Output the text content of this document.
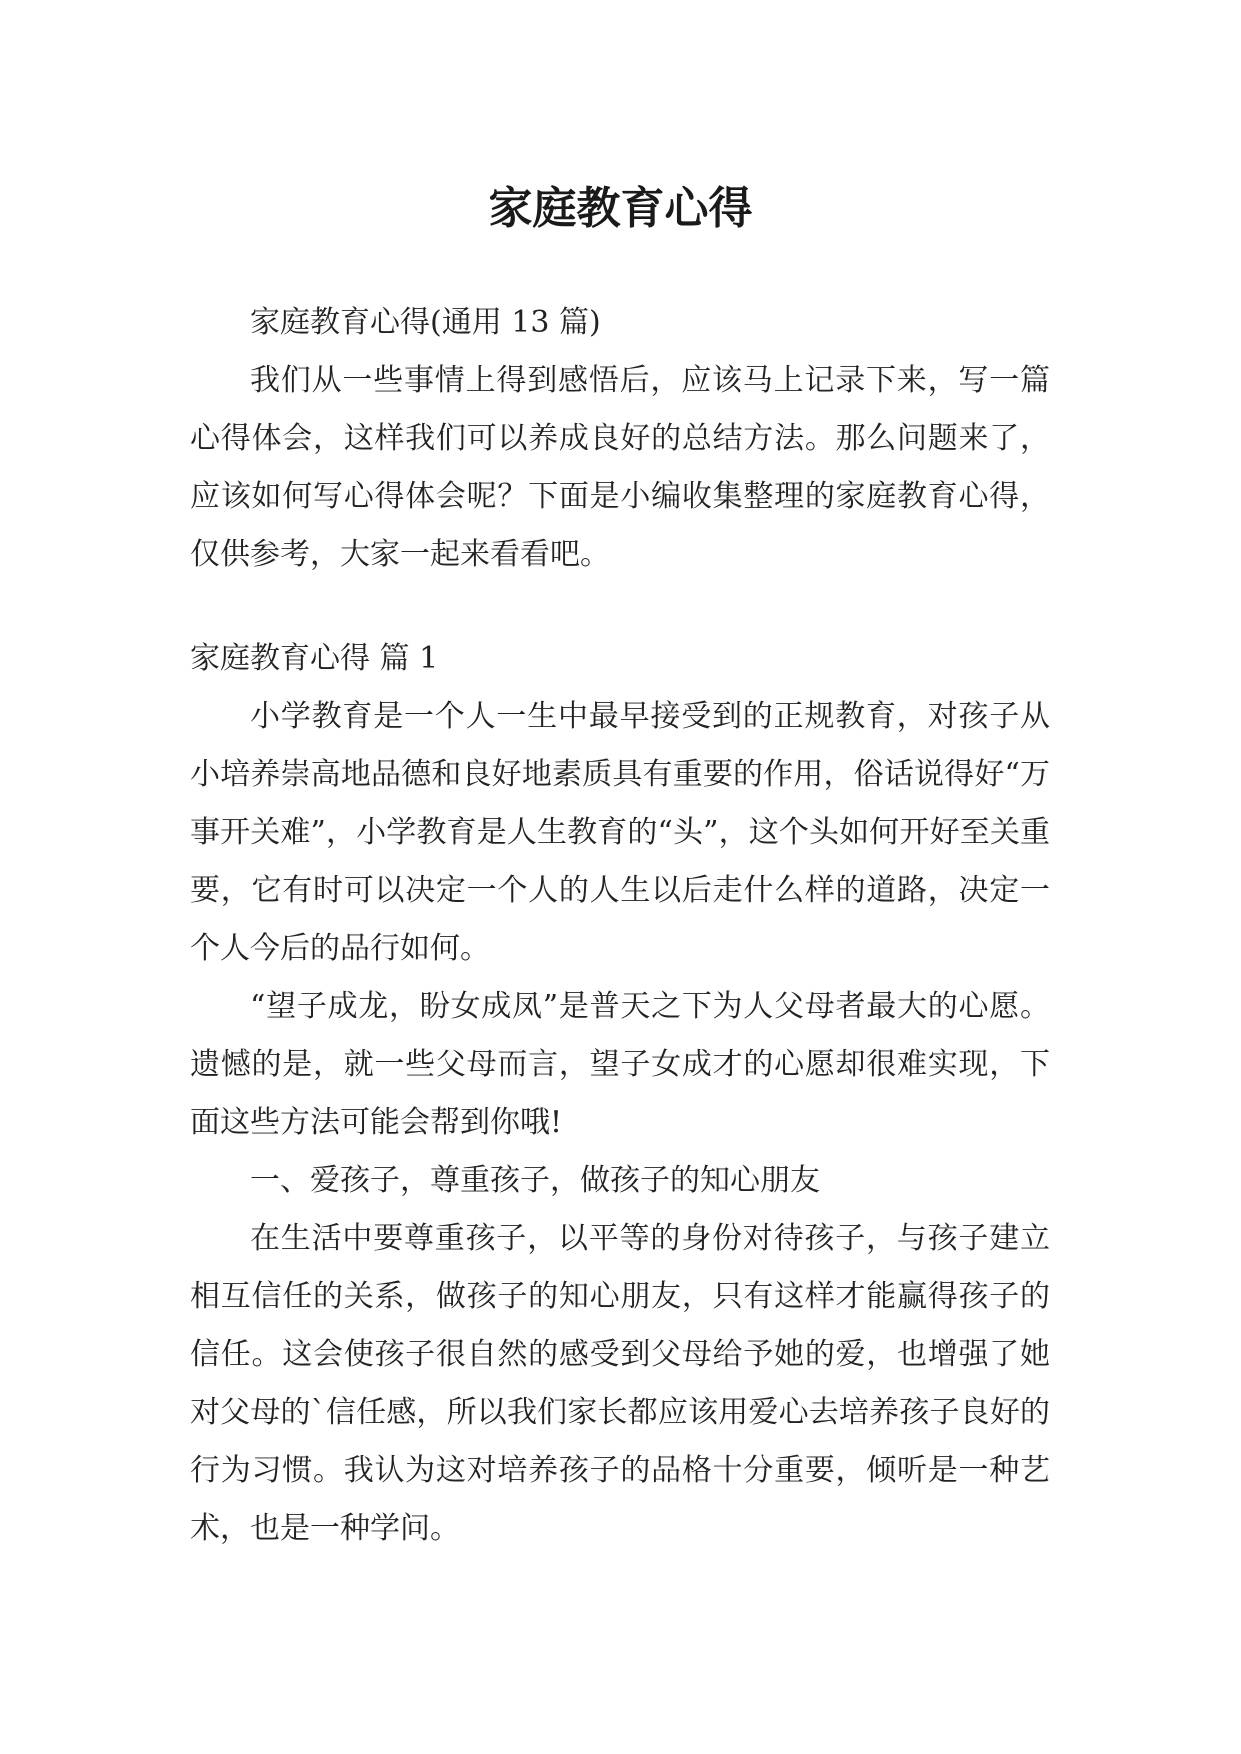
家庭教育心得

家庭教育心得(通用 13 篇)

我们从一些事情上得到感悟后，应该马上记录下来，写一篇心得体会，这样我们可以养成良好的总结方法。那么问题来了，应该如何写心得体会呢？下面是小编收集整理的家庭教育心得，仅供参考，大家一起来看看吧。

家庭教育心得 篇 1

小学教育是一个人一生中最早接受到的正规教育，对孩子从小培养崇高地品德和良好地素质具有重要的作用，俗话说得好“万事开关难”，小学教育是人生教育的“头”，这个头如何开好至关重要，它有时可以决定一个人的人生以后走什么样的道路，决定一个人今后的品行如何。

“望子成龙，盼女成凤”是普天之下为人父母者最大的心愿。遗憾的是，就一些父母而言，望子女成才的心愿却很难实现，下面这些方法可能会帮到你哦!

一、爱孩子，尊重孩子，做孩子的知心朋友

在生活中要尊重孩子，以平等的身份对待孩子，与孩子建立相互信任的关系，做孩子的知心朋友，只有这样才能赢得孩子的信任。这会使孩子很自然的感受到父母给予她的爱，也增强了她对父母的`信任感，所以我们家长都应该用爱心去培养孩子良好的行为习惯。我认为这对培养孩子的品格十分重要，倾听是一种艺术，也是一种学问。
